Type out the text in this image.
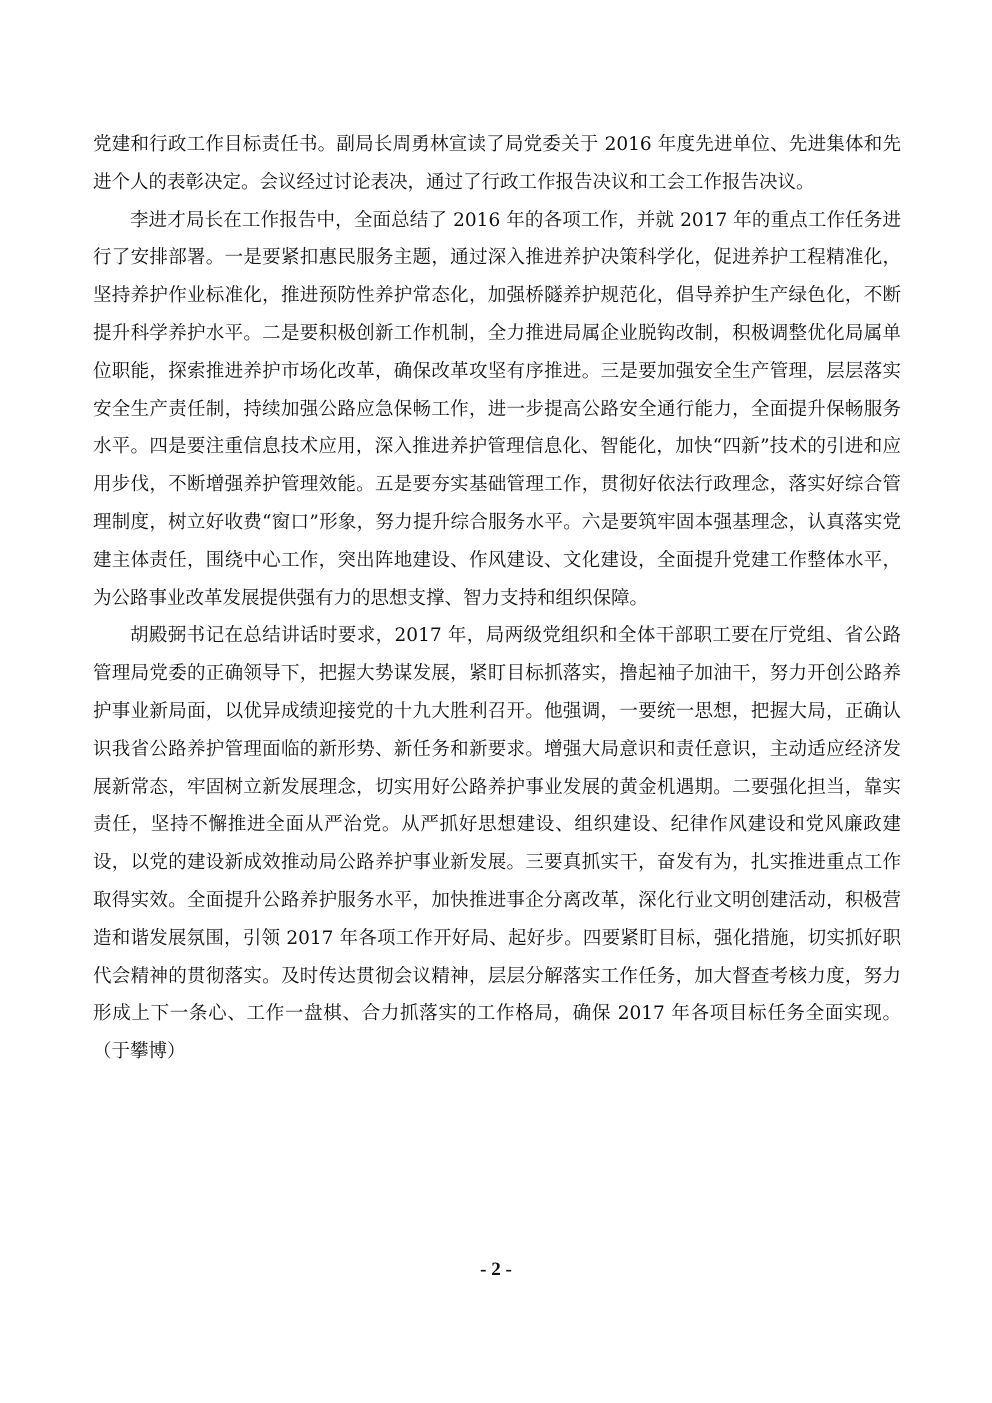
党建和行政工作目标责任书。副局长周勇林宣读了局党委关于 2016 年度先进单位、先进集体和先进个人的表彰决定。会议经过讨论表决，通过了行政工作报告决议和工会工作报告决议。

李进才局长在工作报告中，全面总结了 2016 年的各项工作，并就 2017 年的重点工作任务进行了安排部署。一是要紧扣惠民服务主题，通过深入推进养护决策科学化，促进养护工程精准化，坚持养护作业标准化，推进预防性养护常态化，加强桥隧养护规范化，倡导养护生产绿色化，不断提升科学养护水平。二是要积极创新工作机制，全力推进局属企业脱钩改制，积极调整优化局属单位职能，探索推进养护市场化改革，确保改革攻坚有序推进。三是要加强安全生产管理，层层落实安全生产责任制，持续加强公路应急保畅工作，进一步提高公路安全通行能力，全面提升保畅服务水平。四是要注重信息技术应用，深入推进养护管理信息化、智能化，加快“四新”技术的引进和应用步伐，不断增强养护管理效能。五是要夯实基础管理工作，贯彻好依法行政理念，落实好综合管理制度，树立好收费“窗口”形象，努力提升综合服务水平。六是要筑牢固本强基理念，认真落实党建主体责任，围绕中心工作，突出阵地建设、作风建设、文化建设，全面提升党建工作整体水平，为公路事业改革发展提供强有力的思想支撑、智力支持和组织保障。

胡殿弼书记在总结讲话时要求，2017 年，局两级党组织和全体干部职工要在厅党组、省公路管理局党委的正确领导下，把握大势谋发展，紧盯目标抓落实，撸起袖子加油干，努力开创公路养护事业新局面，以优异成绩迎接党的十九大胜利召开。他强调，一要统一思想，把握大局，正确认识我省公路养护管理面临的新形势、新任务和新要求。增强大局意识和责任意识，主动适应经济发展新常态，牢固树立新发展理念，切实用好公路养护事业发展的黄金机遇期。二要强化担当，靠实责任，坚持不懈推进全面从严治党。从严抓好思想建设、组织建设、纪律作风建设和党风廉政建设，以党的建设新成效推动局公路养护事业新发展。三要真抓实干，奋发有为，扎实推进重点工作取得实效。全面提升公路养护服务水平，加快推进事企分离改革，深化行业文明创建活动，积极营造和谐发展氛围，引领 2017 年各项工作开好局、起好步。四要紧盯目标，强化措施，切实抓好职代会精神的贯彻落实。及时传达贯彻会议精神，层层分解落实工作任务，加大督查考核力度，努力形成上下一条心、工作一盘棋、合力抓落实的工作格局，确保 2017 年各项目标任务全面实现。（于攀博）

- 2 -
